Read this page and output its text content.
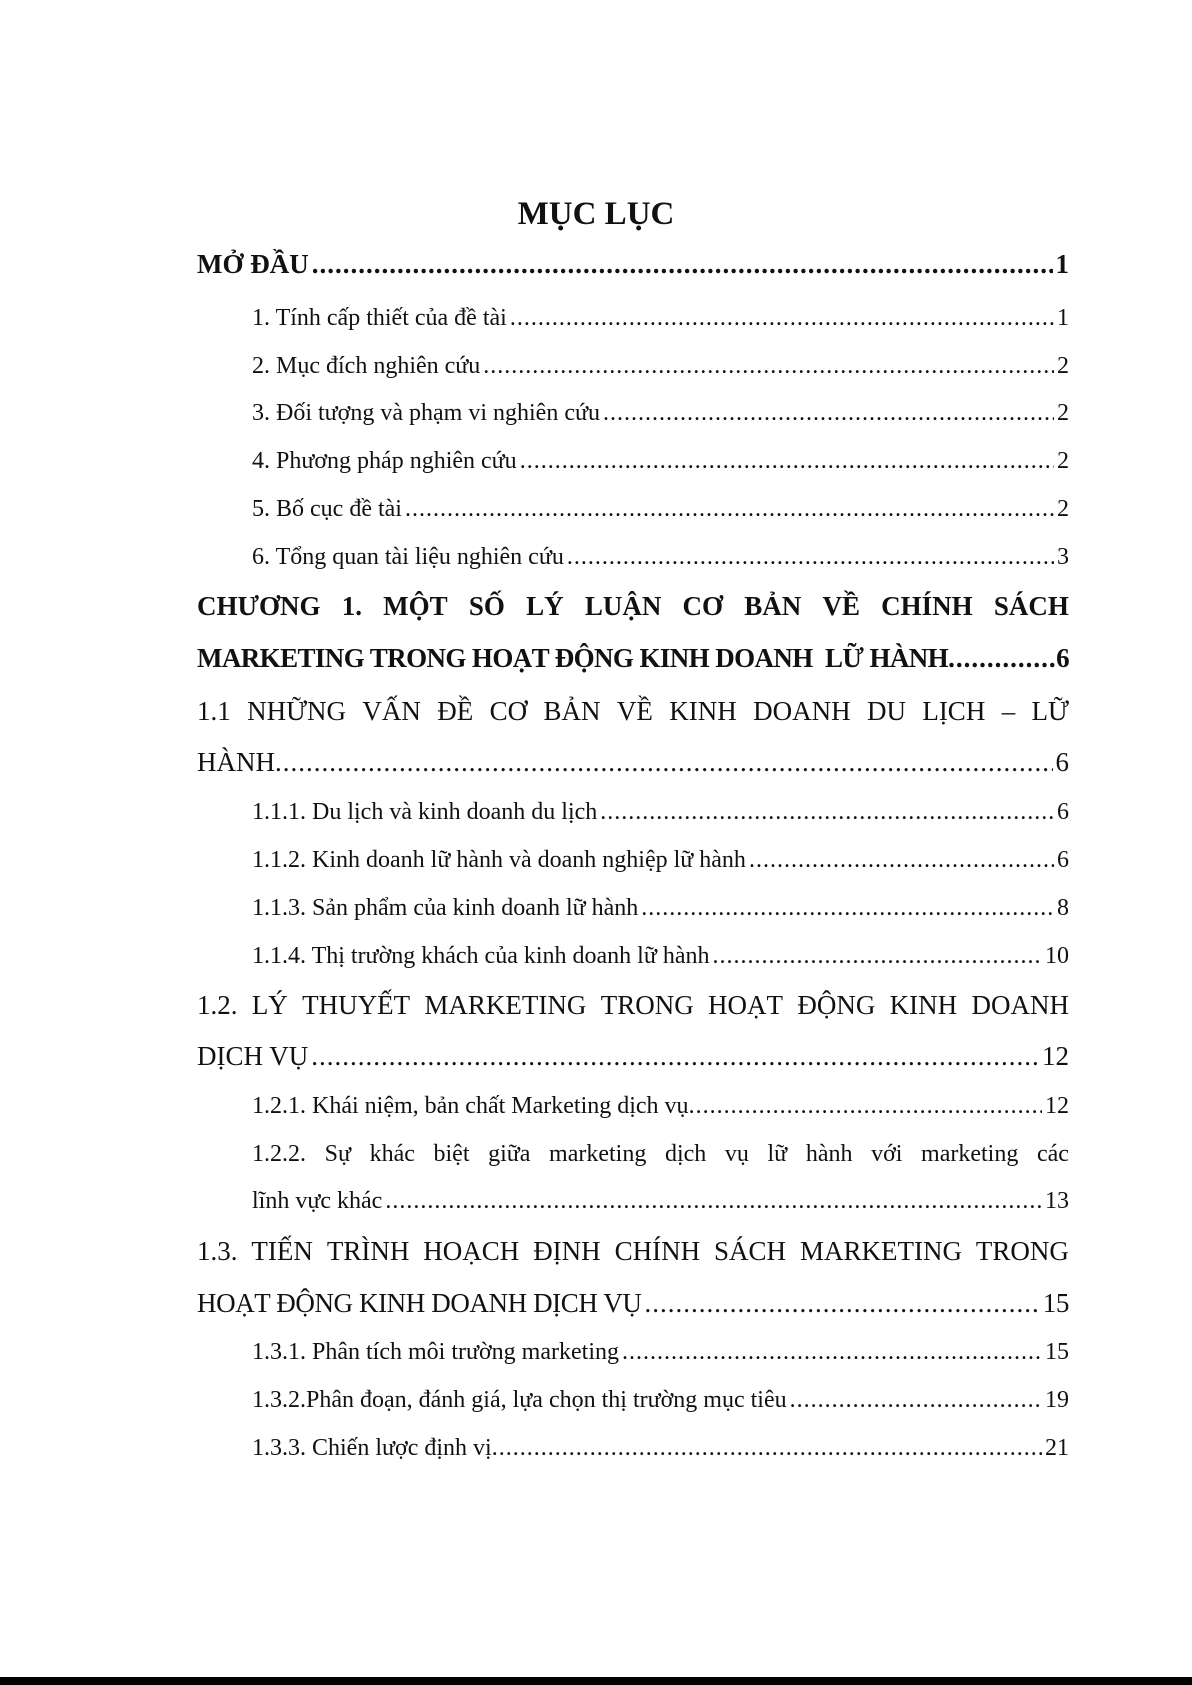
MỤC LỤC
MỞ ĐẦU .....	1
1. Tính cấp thiết của đề tài .....	1
2. Mục đích nghiên cứu .....	2
3. Đối tượng và phạm vi nghiên cứu .....	2
4. Phương pháp nghiên cứu .....	2
5. Bố cục đề tài .....	2
6. Tổng quan tài liệu nghiên cứu .....	3
CHƯƠNG 1. MỘT SỐ LÝ LUẬN CƠ BẢN VỀ CHÍNH SÁCH
MARKETING TRONG HOẠT ĐỘNG KINH DOANH  LỮ HÀNH .....	6
1.1 NHỮNG VẤN ĐỀ CƠ BẢN VỀ KINH DOANH DU LỊCH – LỮ
HÀNH .....	6
1.1.1. Du lịch và kinh doanh du lịch .....	6
1.1.2. Kinh doanh lữ hành và doanh nghiệp lữ hành .....	6
1.1.3. Sản phẩm của kinh doanh lữ hành .....	8
1.1.4. Thị trường khách của kinh doanh lữ hành .....	10
1.2. LÝ THUYẾT MARKETING TRONG HOẠT ĐỘNG KINH DOANH
DỊCH VỤ .....	12
1.2.1. Khái niệm, bản chất Marketing dịch vụ .....	12
1.2.2. Sự khác biệt giữa marketing dịch vụ lữ hành với marketing các
lĩnh vực khác .....	13
1.3. TIẾN TRÌNH HOẠCH ĐỊNH CHÍNH SÁCH MARKETING TRONG
HOẠT ĐỘNG KINH DOANH DỊCH VỤ .....	15
1.3.1. Phân tích môi trường marketing .....	15
1.3.2.Phân đoạn, đánh giá, lựa chọn thị trường mục tiêu .....	19
1.3.3. Chiến lược định vị .....	21
